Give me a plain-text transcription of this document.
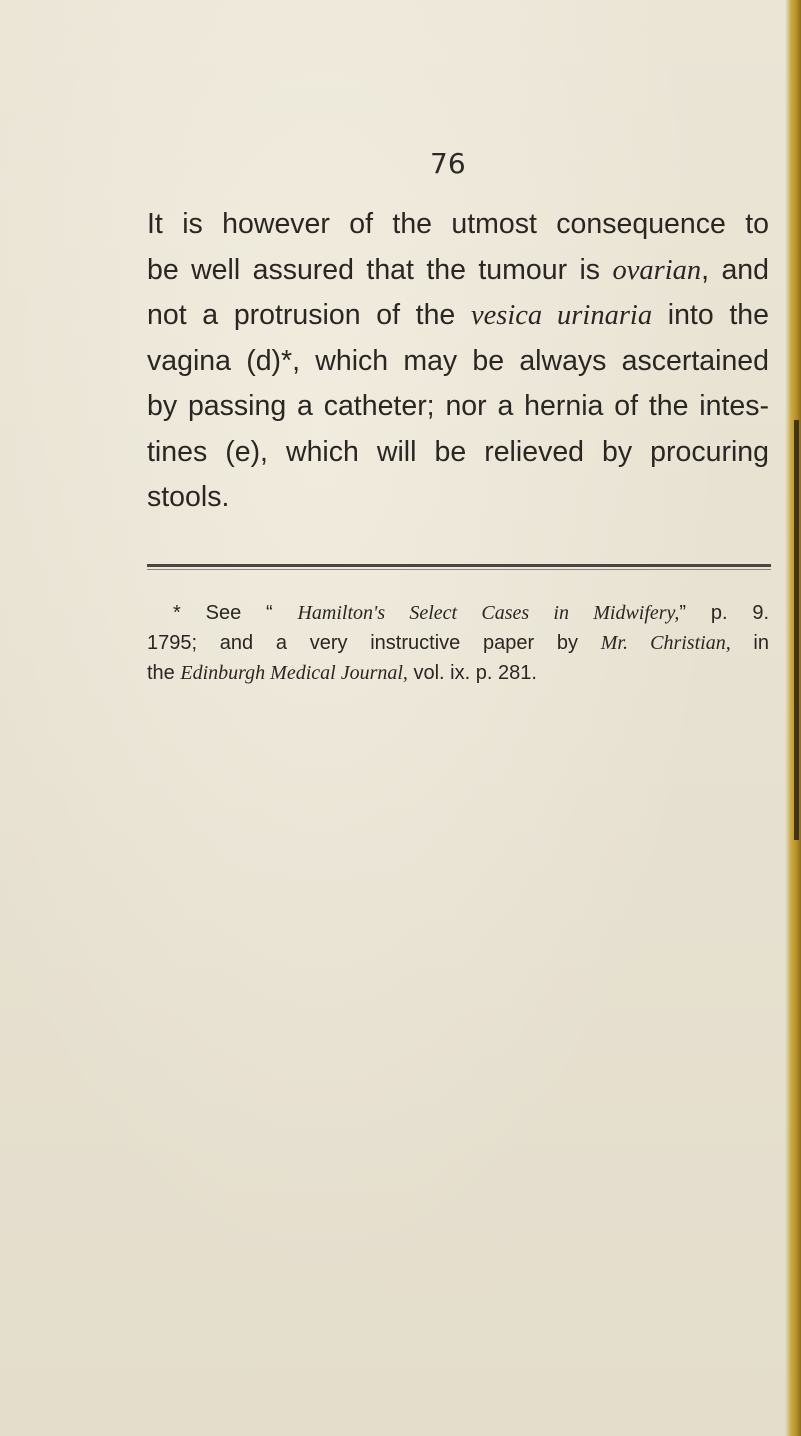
76
It is however of the utmost consequence to
be well assured that the tumour is ovarian, and
not a protrusion of the vesica urinaria into the
vagina (d)*, which may be always ascertained
by passing a catheter; nor a hernia of the intes-
tines (e), which will be relieved by procuring
stools.
* See “ Hamilton's Select Cases in Midwifery,” p. 9.
1795; and a very instructive paper by Mr. Christian, in
the Edinburgh Medical Journal, vol. ix. p. 281.
